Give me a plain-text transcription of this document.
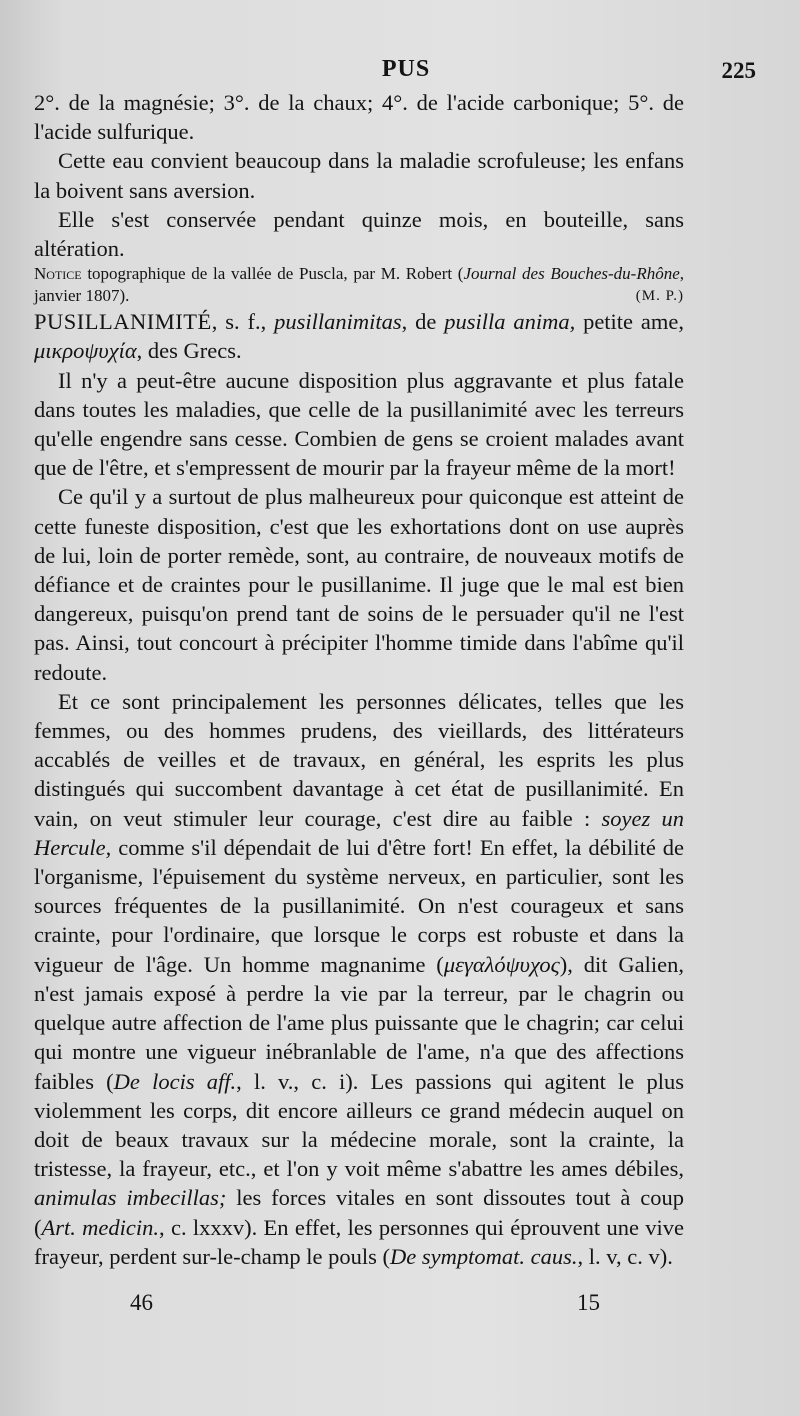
PUS	225

2°. de la magnésie; 3°. de la chaux; 4°. de l'acide carbonique; 5°. de l'acide sulfurique.

Cette eau convient beaucoup dans la maladie scrofuleuse; les enfans la boivent sans aversion.

Elle s'est conservée pendant quinze mois, en bouteille, sans altération.

Notice topographique de la vallée de Puscla, par M. Robert (Journal des Bouches-du-Rhône, janvier 1807).	(M. P.)

PUSILLANIMITÉ, s. f., pusillanimitas, de pusilla anima, petite ame, μικροψυχία, des Grecs.

Il n'y a peut-être aucune disposition plus aggravante et plus fatale dans toutes les maladies, que celle de la pusillanimité avec les terreurs qu'elle engendre sans cesse. Combien de gens se croient malades avant que de l'être, et s'empressent de mourir par la frayeur même de la mort!

Ce qu'il y a surtout de plus malheureux pour quiconque est atteint de cette funeste disposition, c'est que les exhortations dont on use auprès de lui, loin de porter remède, sont, au contraire, de nouveaux motifs de défiance et de craintes pour le pusillanime. Il juge que le mal est bien dangereux, puisqu'on prend tant de soins de le persuader qu'il ne l'est pas. Ainsi, tout concourt à précipiter l'homme timide dans l'abîme qu'il redoute.

Et ce sont principalement les personnes délicates, telles que les femmes, ou des hommes prudens, des vieillards, des littérateurs accablés de veilles et de travaux, en général, les esprits les plus distingués qui succombent davantage à cet état de pusillanimité. En vain, on veut stimuler leur courage, c'est dire au faible : soyez un Hercule, comme s'il dépendait de lui d'être fort! En effet, la débilité de l'organisme, l'épuisement du système nerveux, en particulier, sont les sources fréquentes de la pusillanimité. On n'est courageux et sans crainte, pour l'ordinaire, que lorsque le corps est robuste et dans la vigueur de l'âge. Un homme magnanime (μεγαλόψυχος), dit Galien, n'est jamais exposé à perdre la vie par la terreur, par le chagrin ou quelque autre affection de l'ame plus puissante que le chagrin; car celui qui montre une vigueur inébranlable de l'ame, n'a que des affections faibles (De locis aff., l. v., c. i). Les passions qui agitent le plus violemment les corps, dit encore ailleurs ce grand médecin auquel on doit de beaux travaux sur la médecine morale, sont la crainte, la tristesse, la frayeur, etc., et l'on y voit même s'abattre les ames débiles, animulas imbecillas; les forces vitales en sont dissoutes tout à coup (Art. medicin., c. lxxxv). En effet, les personnes qui éprouvent une vive frayeur, perdent sur-le-champ le pouls (De symptomat. caus., l. v, c. v).

46	15
